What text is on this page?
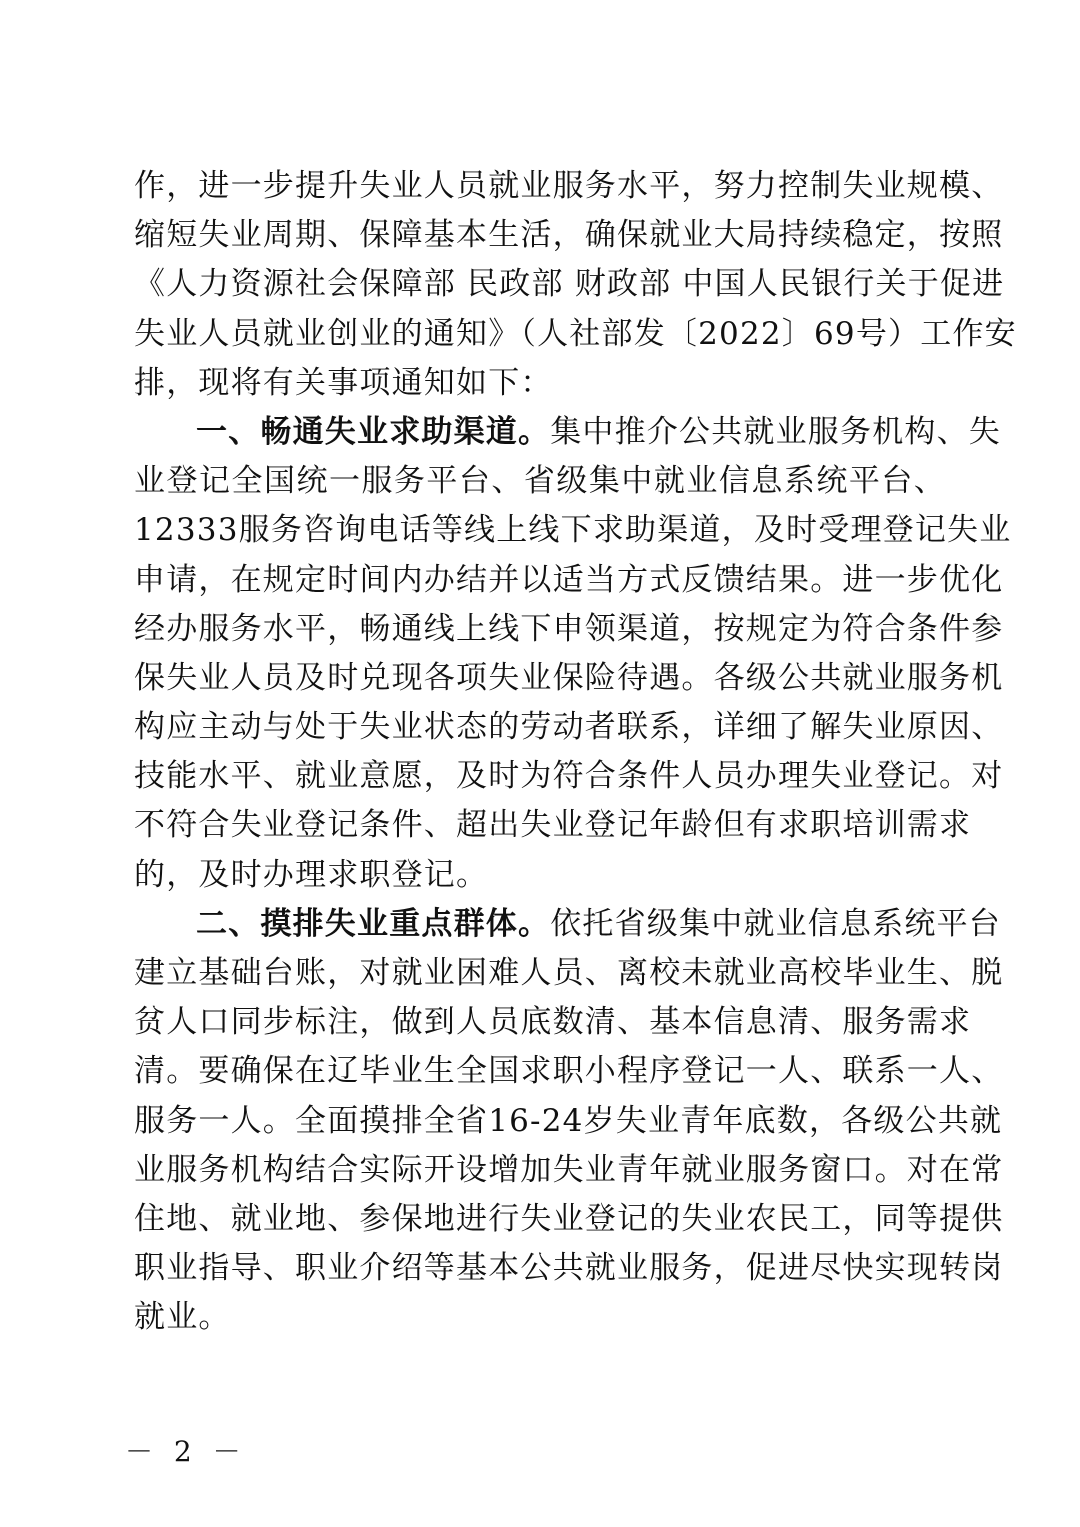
作，进一步提升失业人员就业服务水平，努力控制失业规模、
缩短失业周期、保障基本生活，确保就业大局持续稳定，按照
《人力资源社会保障部 民政部 财政部 中国人民银行关于促进
失业人员就业创业的通知》（人社部发〔2022〕69号）工作安
排，现将有关事项通知如下：
一、畅通失业求助渠道。集中推介公共就业服务机构、失
业登记全国统一服务平台、省级集中就业信息系统平台、
12333服务咨询电话等线上线下求助渠道，及时受理登记失业
申请，在规定时间内办结并以适当方式反馈结果。进一步优化
经办服务水平，畅通线上线下申领渠道，按规定为符合条件参
保失业人员及时兑现各项失业保险待遇。各级公共就业服务机
构应主动与处于失业状态的劳动者联系，详细了解失业原因、
技能水平、就业意愿，及时为符合条件人员办理失业登记。对
不符合失业登记条件、超出失业登记年龄但有求职培训需求
的，及时办理求职登记。
二、摸排失业重点群体。依托省级集中就业信息系统平台
建立基础台账，对就业困难人员、离校未就业高校毕业生、脱
贫人口同步标注，做到人员底数清、基本信息清、服务需求
清。要确保在辽毕业生全国求职小程序登记一人、联系一人、
服务一人。全面摸排全省16-24岁失业青年底数，各级公共就
业服务机构结合实际开设增加失业青年就业服务窗口。对在常
住地、就业地、参保地进行失业登记的失业农民工，同等提供
职业指导、职业介绍等基本公共就业服务，促进尽快实现转岗
就业。
－ 2 －
